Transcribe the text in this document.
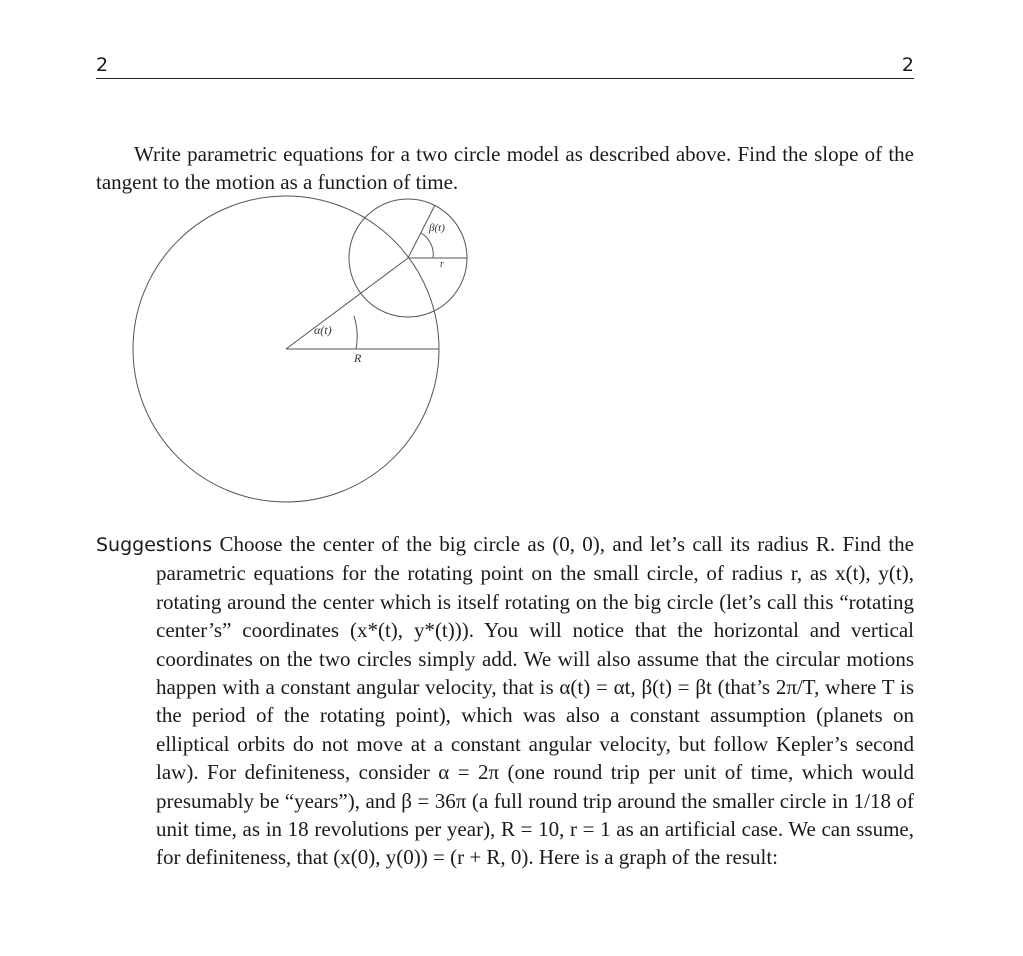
2	2
Write parametric equations for a two circle model as described above. Find the slope of the tangent to the motion as a function of time.
α(t)
R
β(t)
r

Suggestions Choose the center of the big circle as (0, 0), and let’s call its radius R. Find the parametric equations for the rotating point on the small circle, of radius r, as x(t), y(t), rotating around the center which is itself rotating on the big circle (let’s call this “rotating center’s” coordinates (x*(t), y*(t))). You will notice that the horizontal and vertical coordinates on the two circles simply add. We will also assume that the circular motions happen with a constant angular velocity, that is α(t) = αt, β(t) = βt (that’s 2π/T, where T is the period of the rotating point), which was also a constant assumption (planets on elliptical orbits do not move at a constant angular velocity, but follow Kepler’s second law). For definiteness, consider α = 2π (one round trip per unit of time, which would presumably be “years”), and β = 36π (a full round trip around the smaller circle in 1/18 of unit time, as in 18 revolutions per year), R = 10, r = 1 as an artificial case. We can ssume, for definiteness, that (x(0), y(0)) = (r + R, 0). Here is a graph of the result:
